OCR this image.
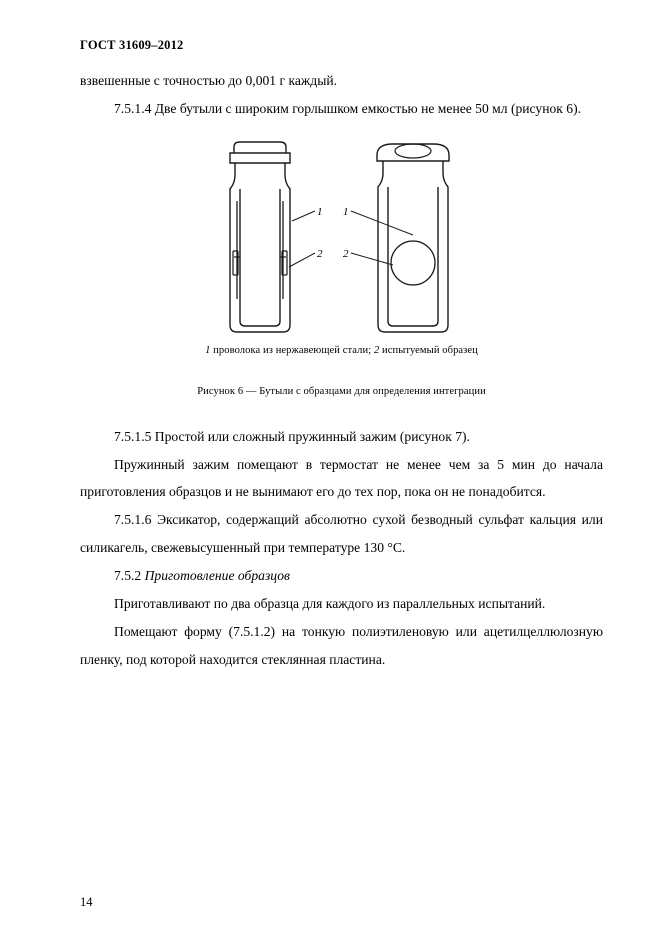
ГОСТ 31609–2012

взвешенные с точностью до 0,001 г каждый.

7.5.1.4 Две бутыли с широким горлышком емкостью не менее 50 мл (рисунок 6).

1
2
1
2
1 проволока из нержавеющей стали; 2 испытуемый образец
Рисунок 6 — Бутыли с образцами для определения интеграции

7.5.1.5 Простой или сложный пружинный зажим (рисунок 7).

Пружинный зажим помещают в термостат не менее чем за 5 мин до начала приготовления образцов и не вынимают его до тех пор, пока он не понадобится.

7.5.1.6 Эксикатор, содержащий абсолютно сухой безводный сульфат кальция или силикагель, свежевысушенный при температуре 130 °С.

7.5.2 Приготовление образцов

Приготавливают по два образца для каждого из параллельных испытаний.

Помещают форму (7.5.1.2) на тонкую полиэтиленовую или ацетилцеллюлозную пленку, под которой находится стеклянная пластина.

14
